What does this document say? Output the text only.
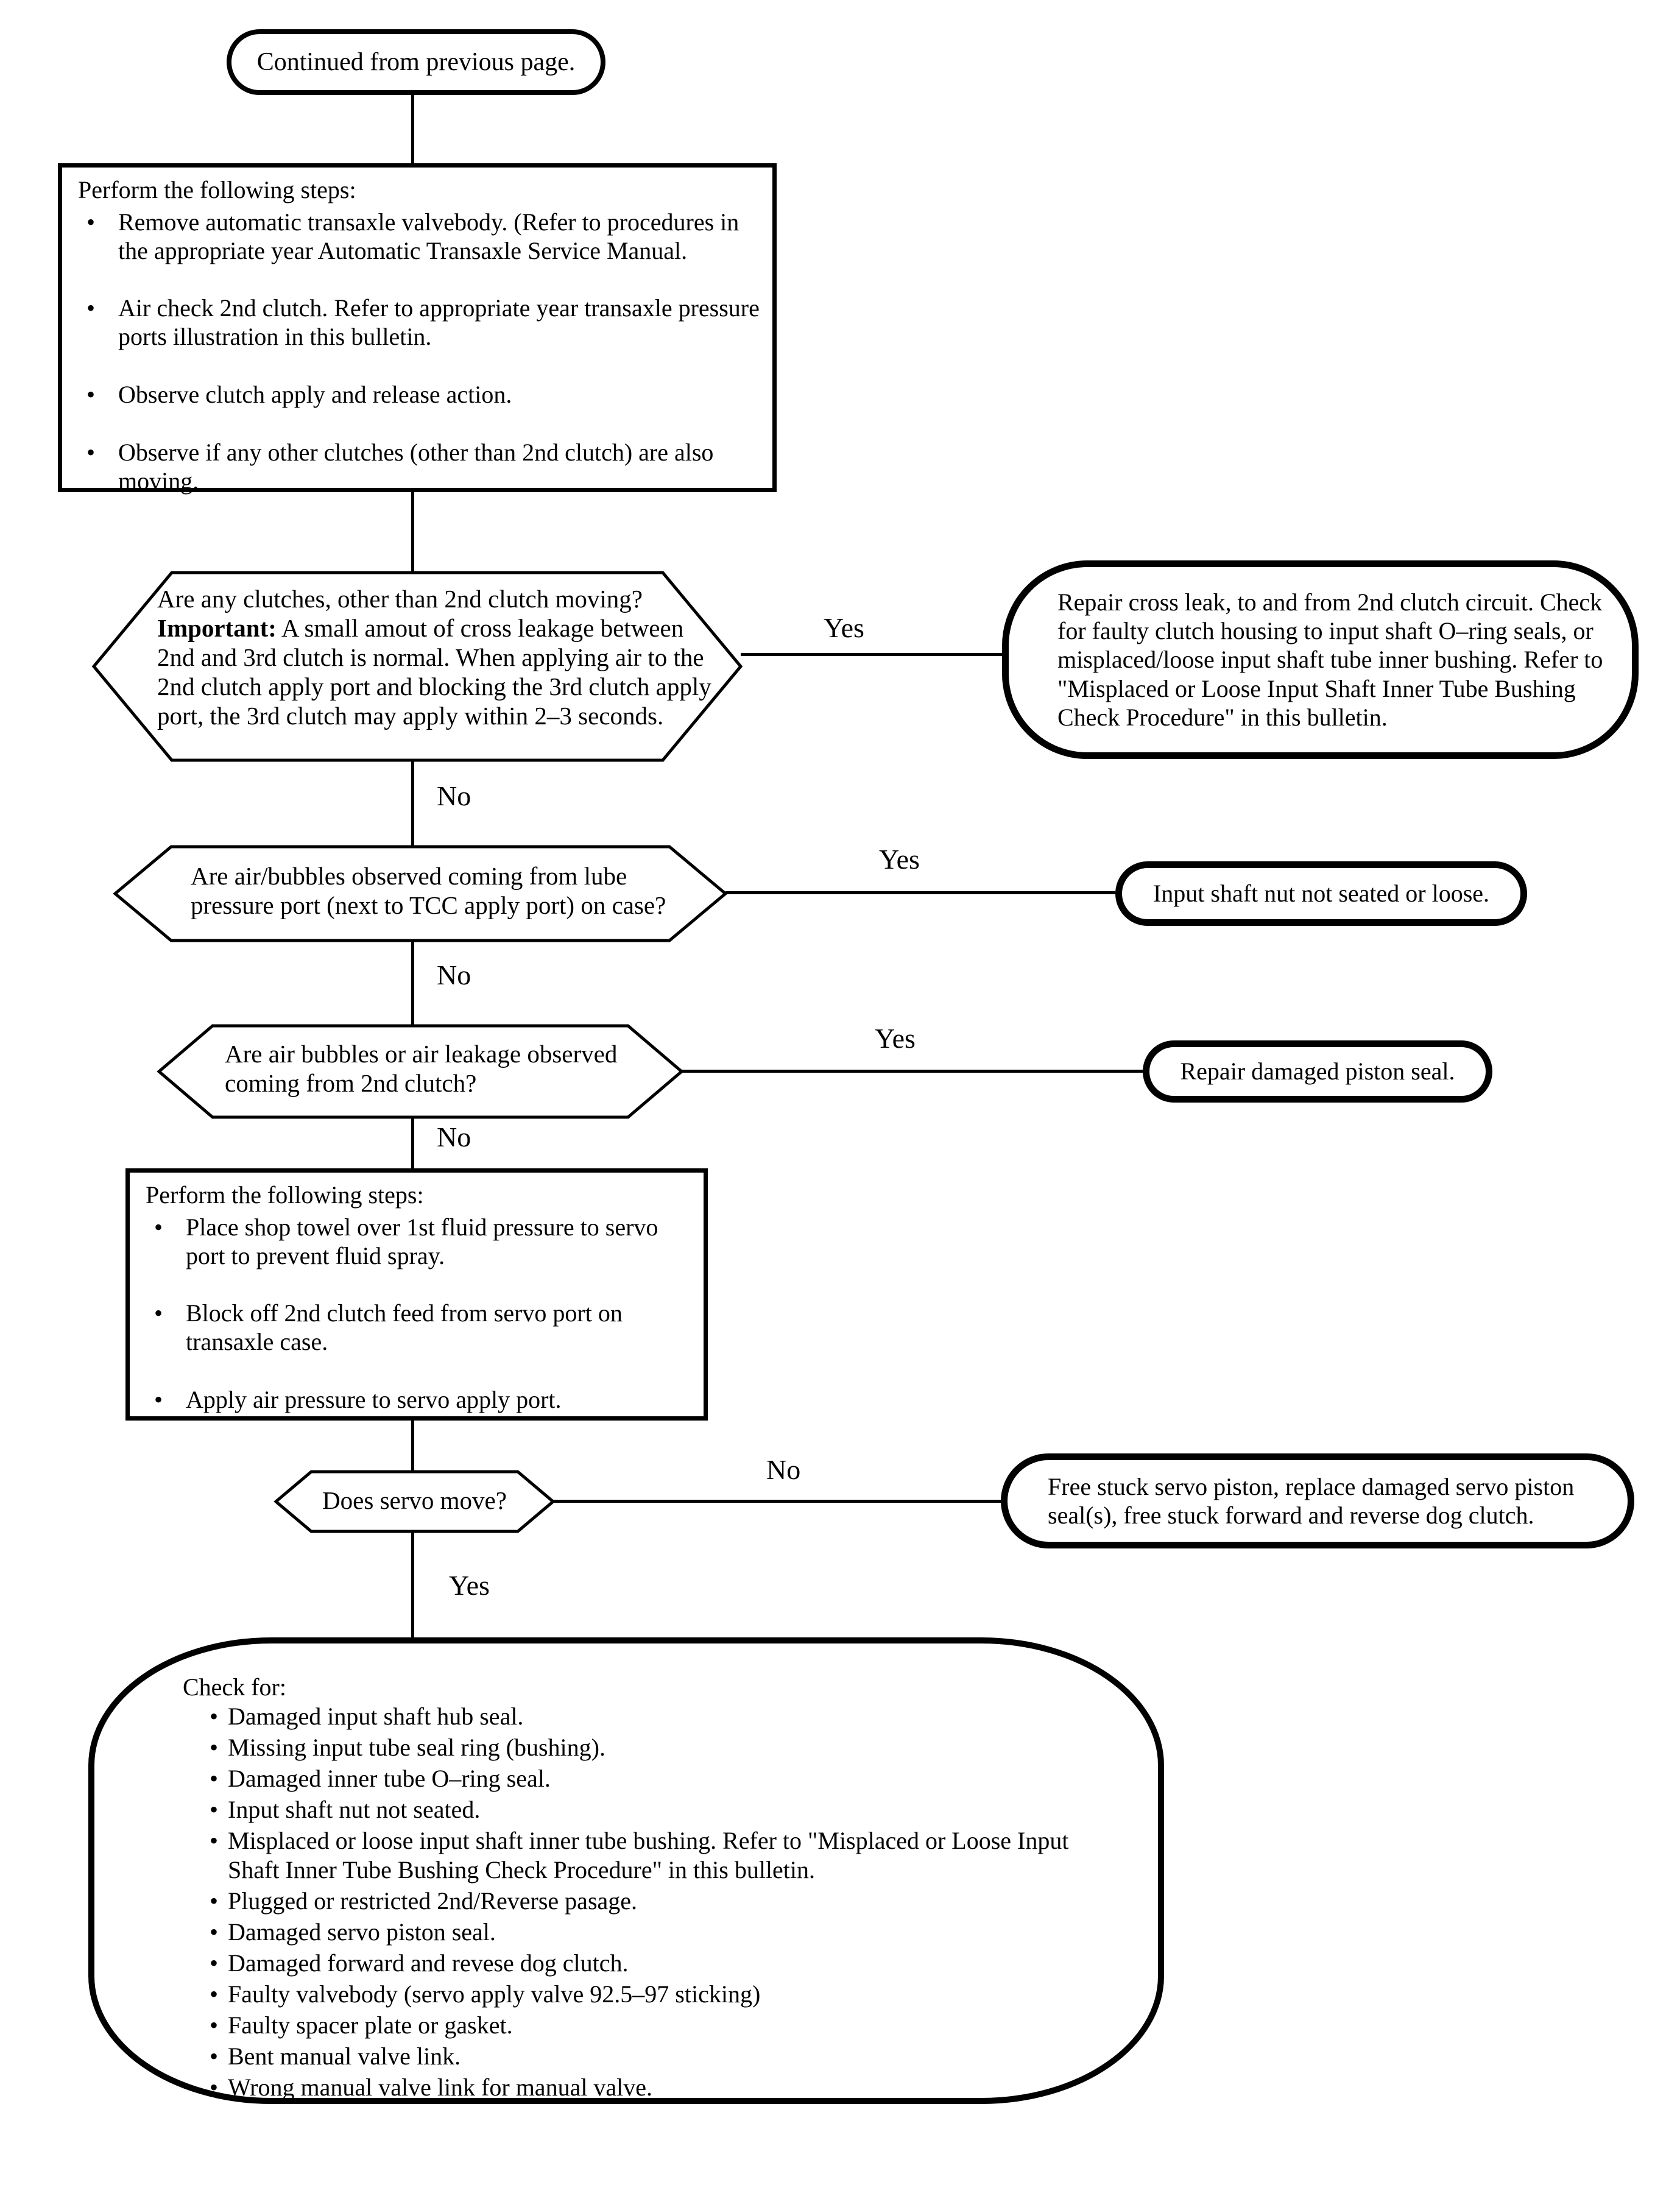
Yes
No
Yes
No
Yes
No
No
Yes
Continued from previous page.
Perform the following steps:
• Remove automatic transaxle valvebody. (Refer to procedures in the appropriate year Automatic Transaxle Service Manual.
• Air check 2nd clutch. Refer to appropriate year transaxle pressure ports illustration in this bulletin.
• Observe clutch apply and release action.
• Observe if any other clutches (other than 2nd clutch) are also moving.
Are any clutches, other than 2nd clutch moving?
Important: A small amout of cross leakage between 2nd and 3rd clutch is normal. When applying air to the 2nd clutch apply port and blocking the 3rd clutch apply port, the 3rd clutch may apply within 2–3 seconds.
Repair cross leak, to and from 2nd clutch circuit. Check for faulty clutch housing to input shaft O–ring seals, or misplaced/loose input shaft tube inner bushing. Refer to "Misplaced or Loose Input Shaft Inner Tube Bushing Check Procedure" in this bulletin.
Are air/bubbles observed coming from lube pressure port (next to TCC apply port) on case?	Input shaft nut not seated or loose.
Are air bubbles or air leakage observed coming from 2nd clutch?	Repair damaged piston seal.
Perform the following steps:
• Place shop towel over 1st fluid pressure to servo port to prevent fluid spray.
• Block off 2nd clutch feed from servo port on transaxle case.
• Apply air pressure to servo apply port.
Does servo move?	Free stuck servo piston, replace damaged servo piston seal(s), free stuck forward and reverse dog clutch.
Check for:
• Damaged input shaft hub seal.
• Missing input tube seal ring (bushing).
• Damaged inner tube O–ring seal.
• Input shaft nut not seated.
• Misplaced or loose input shaft inner tube bushing. Refer to "Misplaced or Loose Input Shaft Inner Tube Bushing Check Procedure" in this bulletin.
• Plugged or restricted 2nd/Reverse pasage.
• Damaged servo piston seal.
• Damaged forward and revese dog clutch.
• Faulty valvebody (servo apply valve 92.5–97 sticking)
• Faulty spacer plate or gasket.
• Bent manual valve link.
• Wrong manual valve link for manual valve.
